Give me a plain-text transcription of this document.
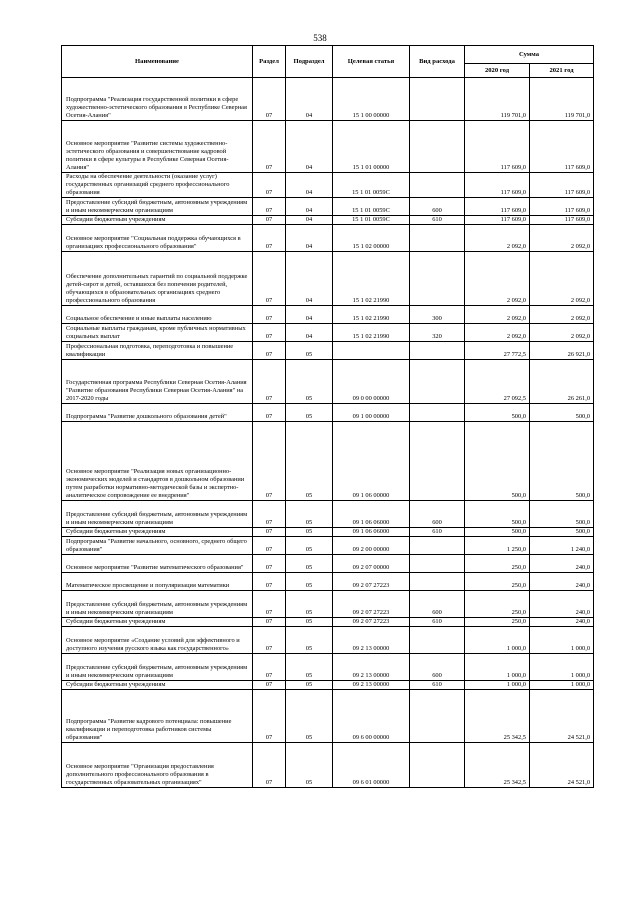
538
Наименование	Раздел	Подраздел	Целевая статья	Вид расхода	Сумма	
					2020 год	2021 год
Подпрограмма "Реализация государственной политики в сфере художественно-эстетического образования в Республике Северная Осетия-Алания"	07	04	15 1 00 00000		119 701,0	119 701,0
Основное мероприятие "Развитие системы художественно-эстетического образования и совершенствование кадровой политики в сфере культуры в Республике Северная Осетия-Алания"	07	04	15 1 01 00000		117 609,0	117 609,0
Расходы на обеспечение деятельности (оказание услуг) государственных организаций среднего профессионального образования	07	04	15 1 01 0059С		117 609,0	117 609,0
Предоставление субсидий бюджетным, автономным учреждениям и иным некоммерческим организациям	07	04	15 1 01 0059С	600	117 609,0	117 609,0
Субсидии бюджетным учреждениям	07	04	15 1 01 0059С	610	117 609,0	117 609,0
Основное мероприятие "Социальная поддержка обучающихся в организациях профессионального образования"	07	04	15 1 02 00000		2 092,0	2 092,0
Обеспечение дополнительных гарантий по социальной поддержке детей-сирот и детей, оставшихся без попечения родителей, обучающихся в образовательных организациях среднего профессионального образования	07	04	15 1 02 21990		2 092,0	2 092,0
Социальное обеспечение и иные выплаты населению	07	04	15 1 02 21990	300	2 092,0	2 092,0
Социальные выплаты гражданам, кроме публичных нормативных социальных выплат	07	04	15 1 02 21990	320	2 092,0	2 092,0
Профессиональная подготовка, переподготовка и повышение квалификации	07	05			27 772,5	26 921,0
Государственная программа Республики Северная Осетия-Алания "Развитие образования Республики Северная Осетия-Алания" на 2017-2020 годы	07	05	09 0 00 00000		27 092,5	26 261,0
Подпрограмма "Развитие дошкольного образования детей"	07	05	09 1 00 00000		500,0	500,0
Основное мероприятие "Реализация новых организационно-экономических моделей и стандартов в дошкольном образовании путем разработки нормативно-методической базы и экспертно-аналитическое сопровождение ее внедрения"	07	05	09 1 06 00000		500,0	500,0
Предоставление субсидий бюджетным, автономным учреждениям и иным некоммерческим организациям	07	05	09 1 06 06000	600	500,0	500,0
Субсидии бюджетным учреждениям	07	05	09 1 06 06000	610	500,0	500,0
Подпрограмма "Развитие начального, основного, среднего общего образования"	07	05	09 2 00 00000		1 250,0	1 240,0
Основное мероприятие "Развитие математического образования"	07	05	09 2 07 00000		250,0	240,0
Математическое просвещение и популяризация математики	07	05	09 2 07 27223		250,0	240,0
Предоставление субсидий бюджетным, автономным учреждениям и иным некоммерческим организациям	07	05	09 2 07 27223	600	250,0	240,0
Субсидии бюджетным учреждениям	07	05	09 2 07 27223	610	250,0	240,0
Основное мероприятие «Создание условий для эффективного и доступного изучения русского языка как государственного»	07	05	09 2 13 00000		1 000,0	1 000,0
Предоставление субсидий бюджетным, автономным учреждениям и иным некоммерческим организациям	07	05	09 2 13 00000	600	1 000,0	1 000,0
Субсидии бюджетным учреждениям	07	05	09 2 13 00000	610	1 000,0	1 000,0
Подпрограмма "Развитие кадрового потенциала: повышение квалификации и переподготовка работников системы образования"	07	05	09 6 00 00000		25 342,5	24 521,0
Основное мероприятие "Организация предоставления дополнительного профессионального образования в государственных образовательных организациях"	07	05	09 6 01 00000		25 342,5	24 521,0
